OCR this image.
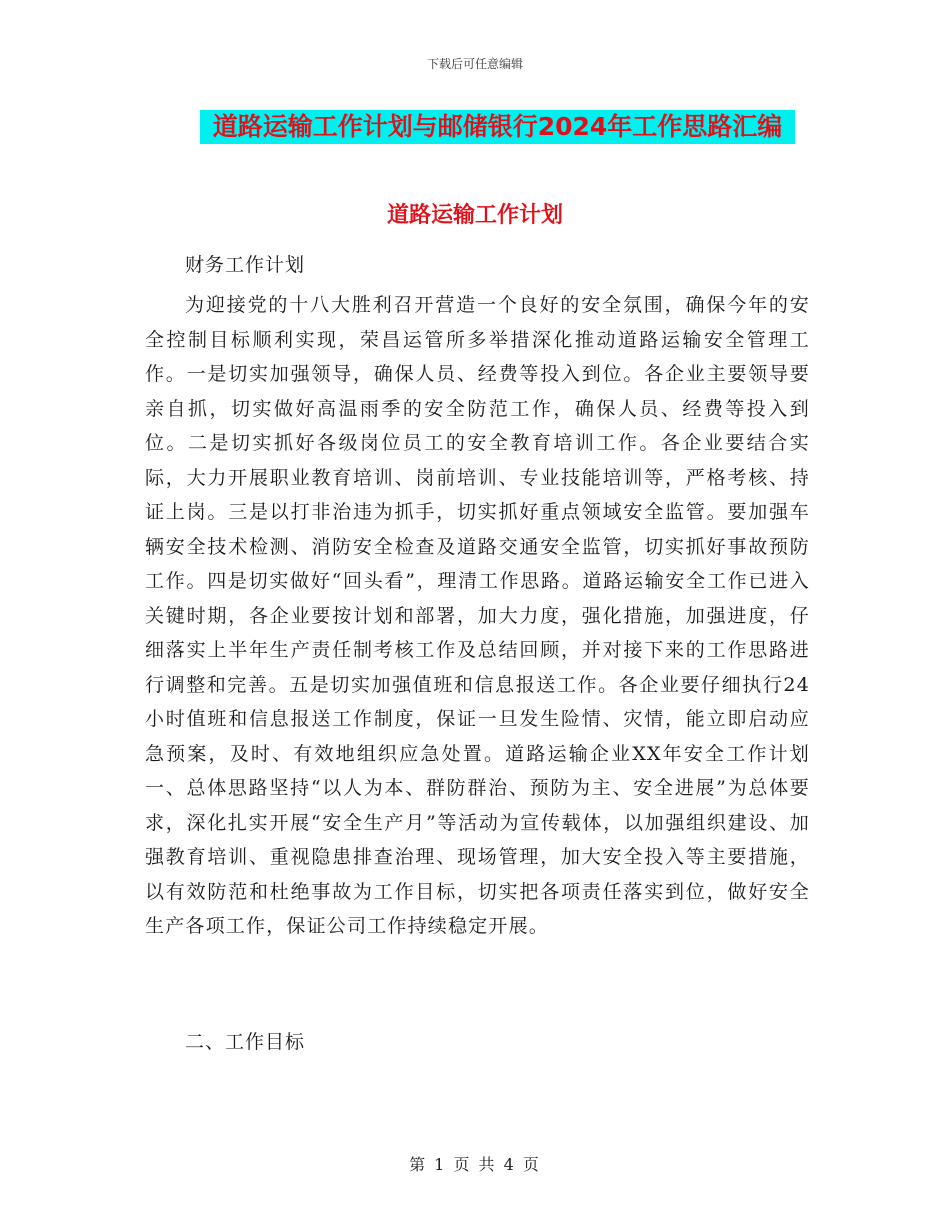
下载后可任意编辑
道路运输工作计划与邮储银行2024年工作思路汇编
道路运输工作计划
财务工作计划

为迎接党的十八大胜利召开营造一个良好的安全氛围，确保今年的安全控制目标顺利实现，荣昌运管所多举措深化推动道路运输安全管理工作。一是切实加强领导，确保人员、经费等投入到位。各企业主要领导要亲自抓，切实做好高温雨季的安全防范工作，确保人员、经费等投入到位。二是切实抓好各级岗位员工的安全教育培训工作。各企业要结合实际，大力开展职业教育培训、岗前培训、专业技能培训等，严格考核、持证上岗。三是以打非治违为抓手，切实抓好重点领域安全监管。要加强车辆安全技术检测、消防安全检查及道路交通安全监管，切实抓好事故预防工作。四是切实做好“回头看”，理清工作思路。道路运输安全工作已进入关键时期，各企业要按计划和部署，加大力度，强化措施，加强进度，仔细落实上半年生产责任制考核工作及总结回顾，并对接下来的工作思路进行调整和完善。五是切实加强值班和信息报送工作。各企业要仔细执行24小时值班和信息报送工作制度，保证一旦发生险情、灾情，能立即启动应急预案，及时、有效地组织应急处置。道路运输企业XX年安全工作计划一、总体思路坚持“以人为本、群防群治、预防为主、安全进展”为总体要求，深化扎实开展“安全生产月”等活动为宣传载体，以加强组织建设、加强教育培训、重视隐患排查治理、现场管理，加大安全投入等主要措施，以有效防范和杜绝事故为工作目标，切实把各项责任落实到位，做好安全生产各项工作，保证公司工作持续稳定开展。

二、工作目标
第 1 页 共 4 页
